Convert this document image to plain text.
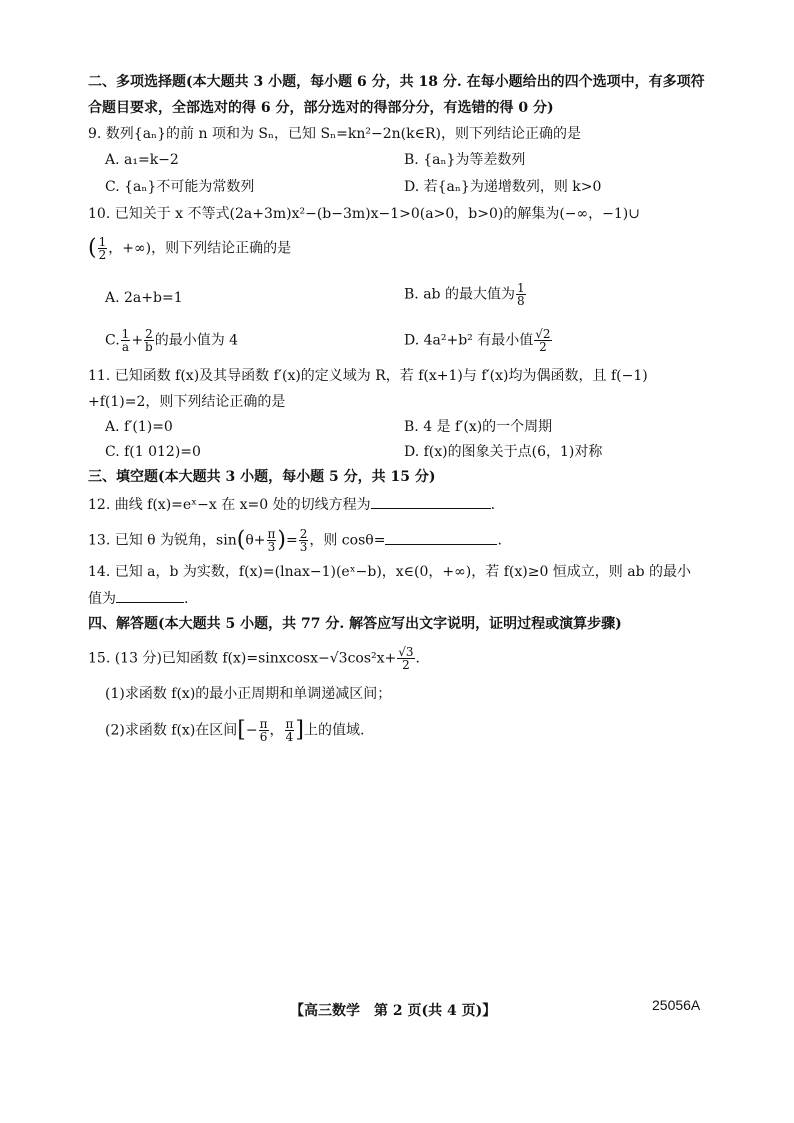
二、多项选择题(本大题共 3 小题，每小题 6 分，共 18 分. 在每小题给出的四个选项中，有多项符
合题目要求，全部选对的得 6 分，部分选对的得部分分，有选错的得 0 分)
9. 数列{aₙ}的前 n 项和为 Sₙ，已知 Sₙ=kn²−2n(k∈R)，则下列结论正确的是
A. a₁=k−2	B. {aₙ}为等差数列
C. {aₙ}不可能为常数列	D. 若{aₙ}为递增数列，则 k>0
10. 已知关于 x 不等式(2a+3m)x²−(b−3m)x−1>0(a>0，b>0)的解集为(−∞，−1)∪
( $\frac{1}{2}$ ，+∞)，则下列结论正确的是
A. 2a+b=1	B. ab 的最大值为 $\frac{1}{8}$
C. $\frac{1}{a} + \frac{2}{b}$ 的最小值为 4	D. 4a²+b² 有最小值 $\frac{√2}{2}$
11. 已知函数 f(x)及其导函数 f′(x)的定义域为 R，若 f(x+1)与 f′(x)均为偶函数，且 f(−1)
+f(1)=2，则下列结论正确的是
A. f′(1)=0	B. 4 是 f′(x)的一个周期
C. f(1 012)=0	D. f(x)的图象关于点(6，1)对称
三、填空题(本大题共 3 小题，每小题 5 分，共 15 分)
12. 曲线 f(x)=eˣ−x 在 x=0 处的切线方程为	.
13. 已知 θ 为锐角，$\sin(\theta+ \frac{\pi}{3}$ )= $\frac{2}{3}$ ，则 cosθ=	.
14. 已知 a，b 为实数，f(x)=(lnax−1)(eˣ−b)，x∈(0，+∞)，若 f(x)≥0 恒成立，则 ab 的最小
值为	.
四、解答题(本大题共 5 小题，共 77 分. 解答应写出文字说明，证明过程或演算步骤)
15. (13 分)已知函数 f(x)=sinxcosx−√3cos²x+ $\frac{√3}{2}$ .
(1)求函数 f(x)的最小正周期和单调递减区间；
(2)求函数 f(x)在区间[− $\frac{\pi}{6}$ ， $\frac{\pi}{4}$ ]上的值域.
【高三数学　第 2 页(共 4 页)】	25056A
